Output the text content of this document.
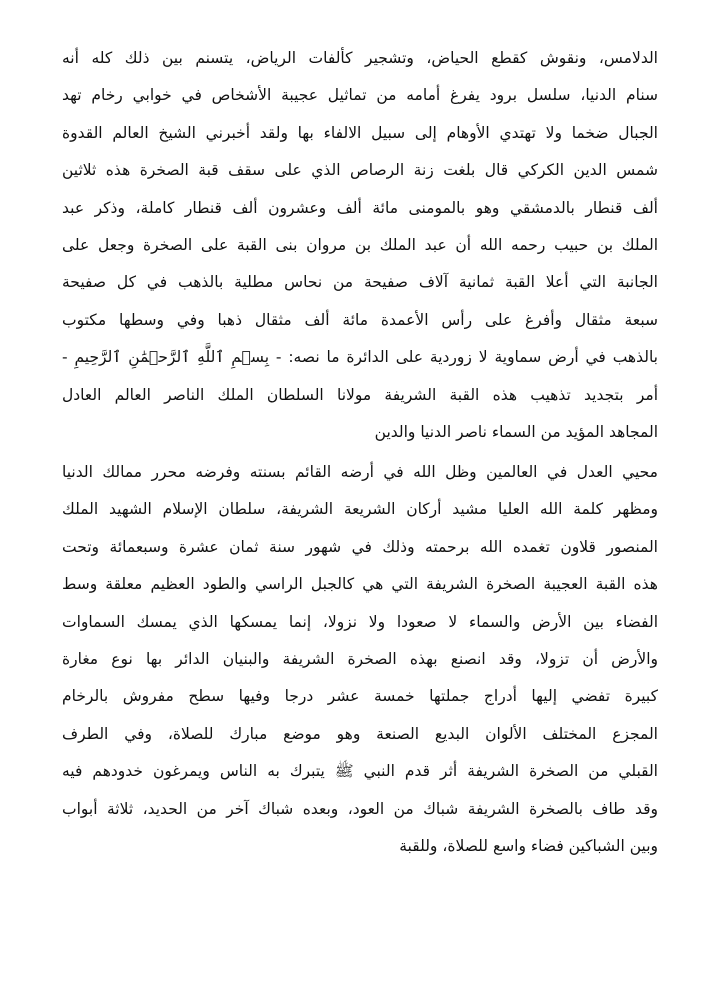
الدلامس، ونقوش كقطع الحياض، وتشجير كألفات الرياض، يتسنم بين ذلك كله أنه
سنام الدنيا، سلسل برود يفرغ أمامه من تماثيل عجيبة الأشخاص في خوابي رخام تهد
الجبال ضخما ولا تهتدي الأوهام إلى سبيل الالفاء بها ولقد أخبرني الشيخ العالم القدوة
شمس الدين الكركي قال بلغت زنة الرصاص الذي على سقف قبة الصخرة هذه ثلاثين
ألف قنطار بالدمشقي وهو بالمومنى مائة ألف وعشرون ألف قنطار كاملة، وذكر عبد
الملك بن حبيب رحمه الله أن عبد الملك بن مروان بنى القبة على الصخرة وجعل على
الجانبة التي أعلا القبة ثمانية آلاف صفيحة من نحاس مطلية بالذهب في كل صفيحة
سبعة مثقال وأفرغ على رأس الأعمدة مائة ألف مثقال ذهبا وفي وسطها مكتوب
بالذهب في أرض سماوية لا زوردية على الدائرة ما نصه: - بِسۡمِ ٱللَّهِ ٱلرَّحۡمَٰنِ ٱلرَّحِيمِ -
أمر بتجديد تذهيب هذه القبة الشريفة مولانا السلطان الملك الناصر العالم العادل
المجاهد المؤيد من السماء ناصر الدنيا والدين
محيي العدل في العالمين وظل الله في أرضه القائم بسنته وفرضه محرر ممالك الدنيا
ومظهر كلمة الله العليا مشيد أركان الشريعة الشريفة، سلطان الإسلام الشهيد الملك
المنصور قلاون تغمده الله برحمته وذلك في شهور سنة ثمان عشرة وسبعمائة وتحت
هذه القبة العجيبة الصخرة الشريفة التي هي كالجبل الراسي والطود العظيم معلقة وسط
الفضاء بين الأرض والسماء لا صعودا ولا نزولا، إنما يمسكها الذي يمسك السماوات
والأرض أن تزولا، وقد انصنع بهذه الصخرة الشريفة والبنيان الدائر بها نوع مغارة
كبيرة تفضي إليها أدراج جملتها خمسة عشر درجا وفيها سطح مفروش بالرخام
المجزع المختلف الألوان البديع الصنعة وهو موضع مبارك للصلاة، وفي الطرف
القبلي من الصخرة الشريفة أثر قدم النبي ﷺ يتبرك به الناس ويمرغون خدودهم فيه
وقد طاف بالصخرة الشريفة شباك من العود، وبعده شباك آخر من الحديد، ثلاثة أبواب
وبين الشباكين فضاء واسع للصلاة، وللقبة
